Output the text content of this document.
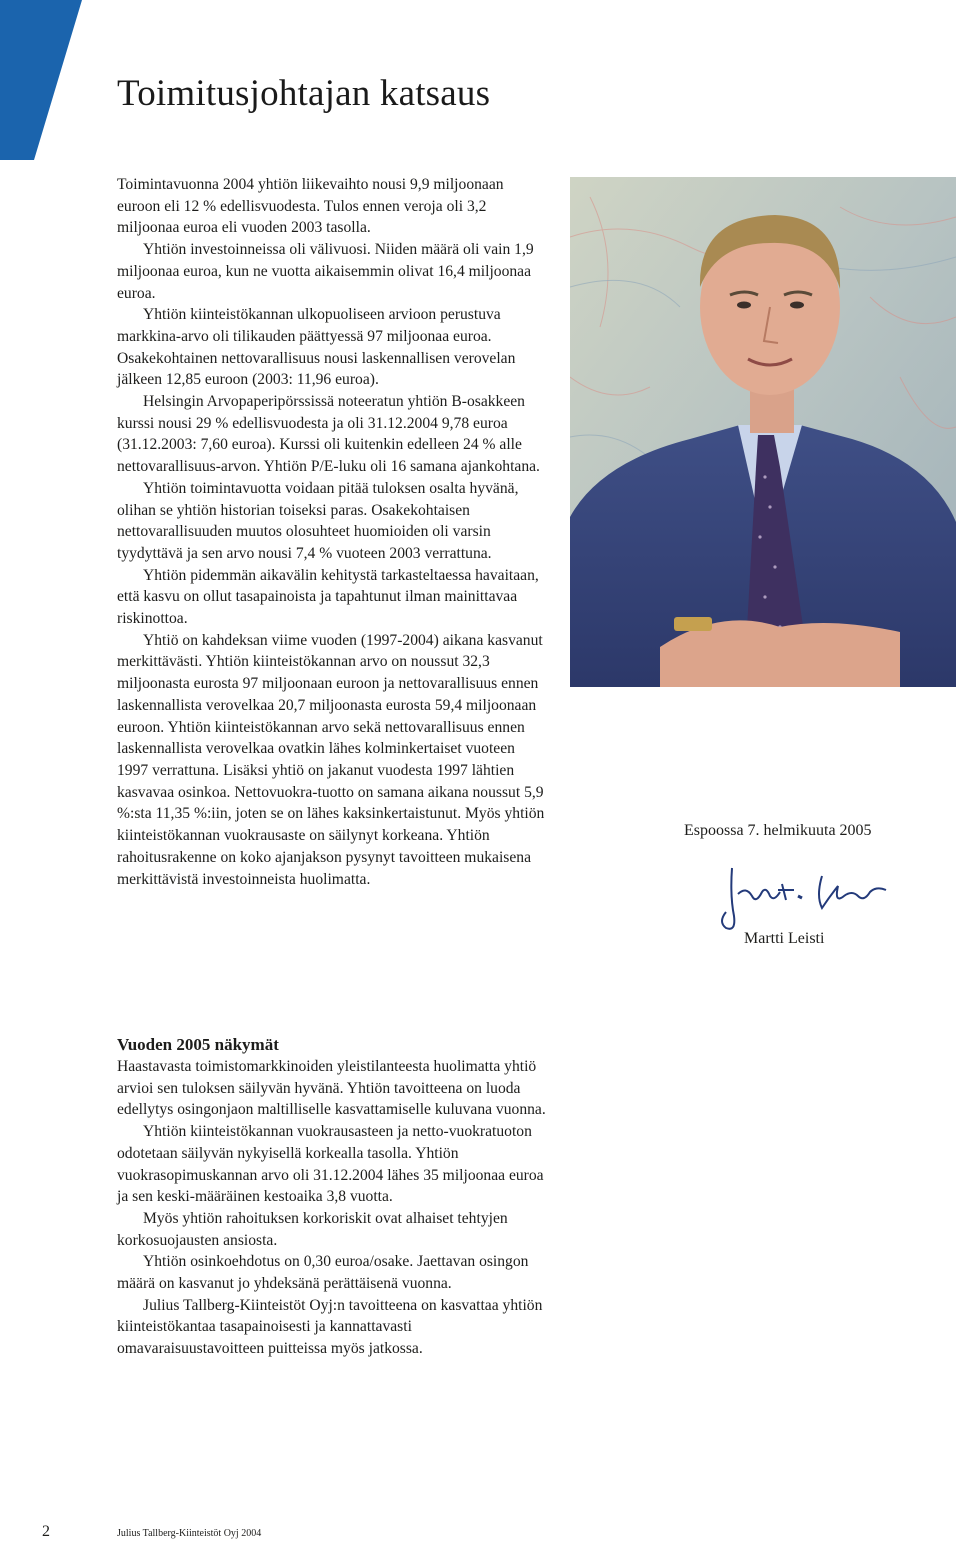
Toimitusjohtajan katsaus

Toimintavuonna 2004 yhtiön liikevaihto nousi 9,9 miljoonaan euroon eli 12 % edellisvuodesta. Tulos ennen veroja oli 3,2 miljoonaa euroa eli vuoden 2003 tasolla.

Yhtiön investoinneissa oli välivuosi. Niiden määrä oli vain 1,9 miljoonaa euroa, kun ne vuotta aikaisemmin olivat 16,4 miljoonaa euroa.

Yhtiön kiinteistökannan ulkopuoliseen arvioon perustuva markkina-arvo oli tilikauden päättyessä 97 miljoonaa euroa. Osakekohtainen nettovarallisuus nousi laskennallisen verovelan jälkeen 12,85 euroon (2003: 11,96 euroa).

Helsingin Arvopaperipörssissä noteeratun yhtiön B-osakkeen kurssi nousi 29 % edellisvuodesta ja oli 31.12.2004 9,78 euroa (31.12.2003: 7,60 euroa). Kurssi oli kuitenkin edelleen 24 % alle nettovarallisuus-arvon. Yhtiön P/E-luku oli 16 samana ajankohtana.

Yhtiön toimintavuotta voidaan pitää tuloksen osalta hyvänä, olihan se yhtiön historian toiseksi paras. Osakekohtaisen nettovarallisuuden muutos olosuhteet huomioiden oli varsin tyydyttävä ja sen arvo nousi 7,4 % vuoteen 2003 verrattuna.

Yhtiön pidemmän aikavälin kehitystä tarkasteltaessa havaitaan, että kasvu on ollut tasapainoista ja tapahtunut ilman mainittavaa riskinottoa.

Yhtiö on kahdeksan viime vuoden (1997-2004) aikana kasvanut merkittävästi. Yhtiön kiinteistökannan arvo on noussut 32,3 miljoonasta eurosta 97 miljoonaan euroon ja nettovarallisuus ennen laskennallista verovelkaa 20,7 miljoonasta eurosta 59,4 miljoonaan euroon. Yhtiön kiinteistökannan arvo sekä nettovarallisuus ennen laskennallista verovelkaa ovatkin lähes kolminkertaiset vuoteen 1997 verrattuna. Lisäksi yhtiö on jakanut vuodesta 1997 lähtien kasvavaa osinkoa. Nettovuokra-tuotto on samana aikana noussut 5,9 %:sta 11,35 %:iin, joten se on lähes kaksinkertaistunut. Myös yhtiön kiinteistökannan vuokrausaste on säilynyt korkeana. Yhtiön rahoitusrakenne on koko ajanjakson pysynyt tavoitteen mukaisena merkittävistä investoinneista huolimatta.

Vuoden 2005 näkymät

Haastavasta toimistomarkkinoiden yleistilanteesta huolimatta yhtiö arvioi sen tuloksen säilyvän hyvänä. Yhtiön tavoitteena on luoda edellytys osingonjaon maltilliselle kasvattamiselle kuluvana vuonna.

Yhtiön kiinteistökannan vuokrausasteen ja netto-vuokratuoton odotetaan säilyvän nykyisellä korkealla tasolla. Yhtiön vuokrasopimuskannan arvo oli 31.12.2004 lähes 35 miljoonaa euroa ja sen keski-määräinen kestoaika 3,8 vuotta.

Myös yhtiön rahoituksen korkoriskit ovat alhaiset tehtyjen korkosuojausten ansiosta.

Yhtiön osinkoehdotus on 0,30 euroa/osake. Jaettavan osingon määrä on kasvanut jo yhdeksänä perättäisenä vuonna.

Julius Tallberg-Kiinteistöt Oyj:n tavoitteena on kasvattaa yhtiön kiinteistökantaa tasapainoisesti ja kannattavasti omavaraisuustavoitteen puitteissa myös jatkossa.

Espoossa 7. helmikuuta 2005

Martti Leisti

2	Julius Tallberg-Kiinteistöt Oyj 2004
